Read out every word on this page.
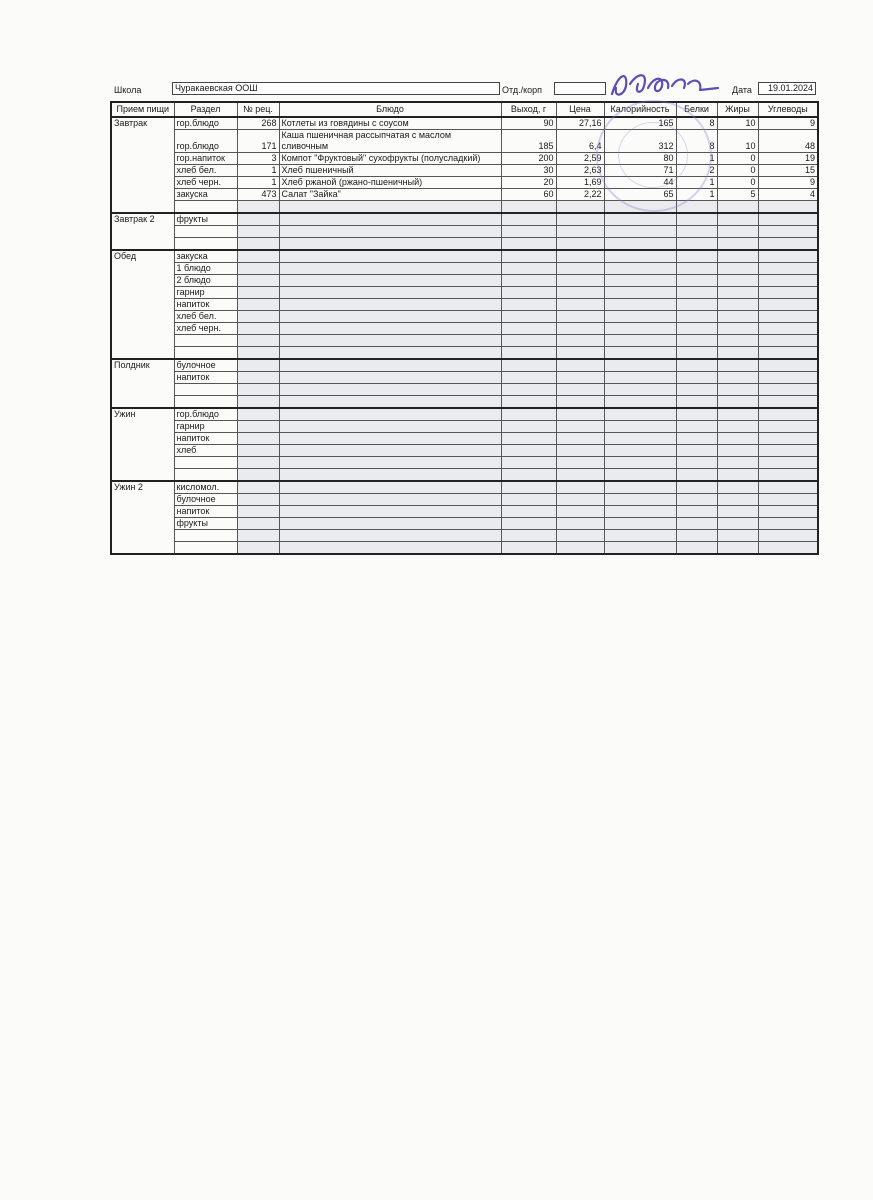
Школа	Чуракаевская ООШ	Отд./корп	Дата	19.01.2024
Прием пищи	Раздел	№ рец.	Блюдо	Выход, г	Цена	Калорийность	Белки	Жиры	Углеводы
Завтрак	гор.блюдо	268	Котлеты из говядины с соусом	90	27,16	165	8	10	9
	гор.блюдо	171	Каша пшеничная рассыпчатая с маслом сливочным	185	6,4	312	8	10	48
	гор.напиток	3	Компот "Фруктовый" сухофрукты (полусладкий)	200	2,59	80	1	0	19
	хлеб бел.	1	Хлеб пшеничный	30	2,63	71	2	0	15
	хлеб черн.	1	Хлеб ржаной (ржано-пшеничный)	20	1,69	44	1	0	9
	закуска	473	Салат "Зайка"	60	2,22	65	1	5	4

Завтрак 2	фрукты								

Обед	закуска								
	1 блюдо								
	2 блюдо								
	гарнир								
	напиток								
	хлеб бел.								
	хлеб черн.								

Полдник	булочное								
	напиток								

Ужин	гор.блюдо								
	гарнир								
	напиток								
	хлеб								

Ужин 2	кисломол.								
	булочное								
	напиток								
	фрукты								
